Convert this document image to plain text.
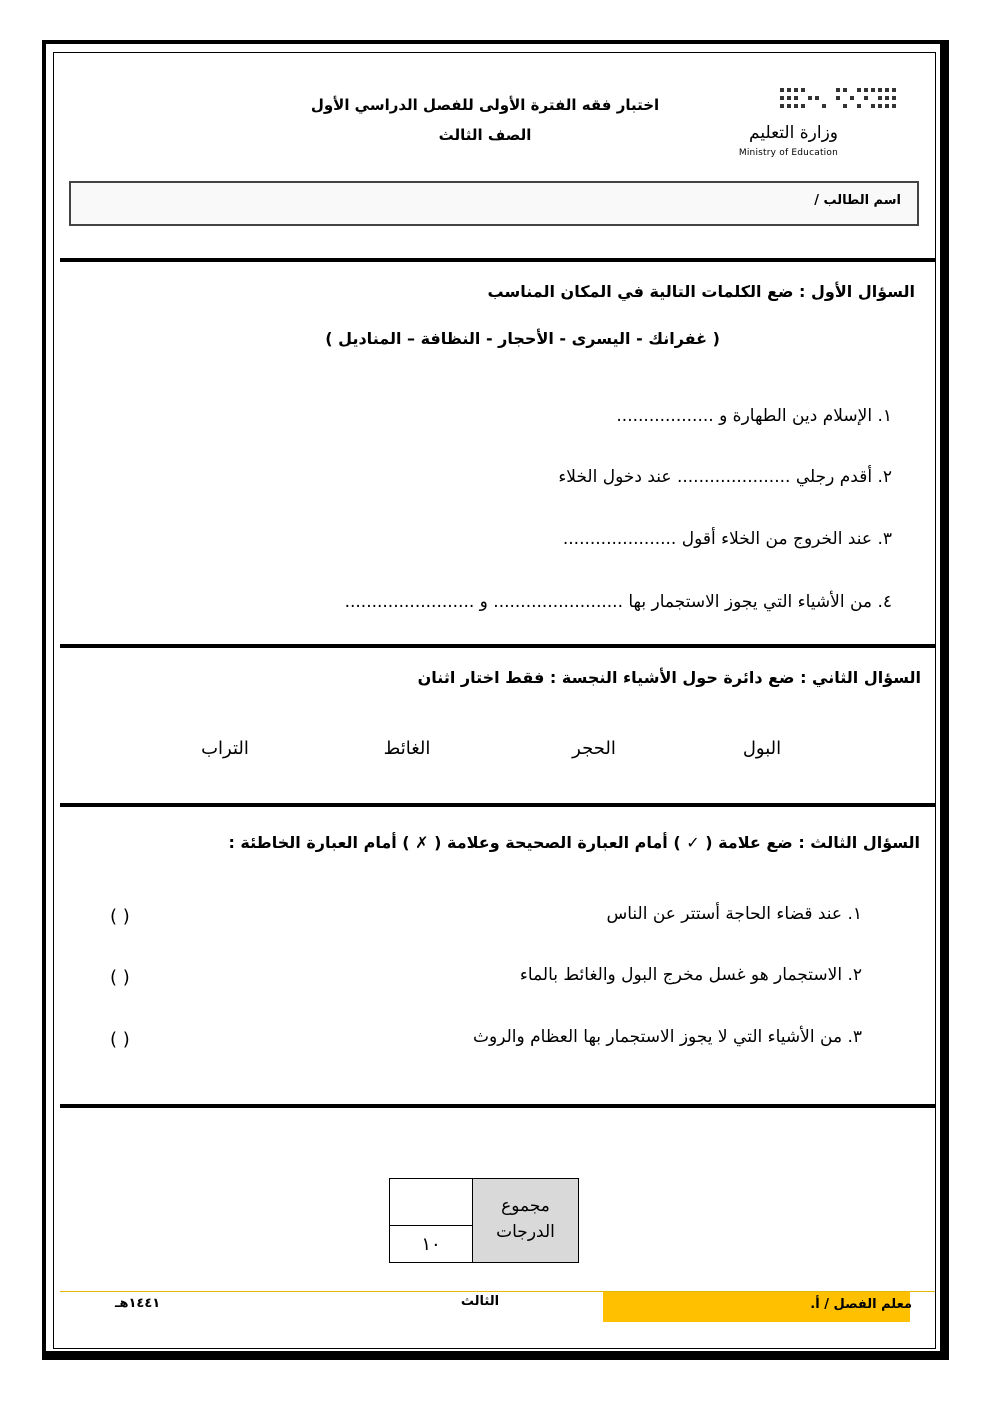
اختبار فقه الفترة الأولى للفصل الدراسي الأول
الصف الثالث	وزارة التعليم
Ministry of Education
اسم الطالب /
السؤال الأول : ضع الكلمات التالية في المكان المناسب
( غفرانك - اليسرى - الأحجار - النظافة – المناديل )
١. الإسلام دين الطهارة و ..................
٢. أقدم رجلي ..................... عند دخول الخلاء
٣. عند الخروج من الخلاء أقول .....................
٤. من الأشياء التي يجوز الاستجمار بها ........................ و ........................
السؤال الثاني : ضع دائرة حول الأشياء النجسة : فقط اختار اثنان
البول
الحجر
الغائط
التراب
السؤال الثالث : ضع علامة ( ✓ ) أمام العبارة الصحيحة وعلامة ( ✗ ) أمام العبارة الخاطئة :
١. عند قضاء الحاجة أستتر عن الناس
٢. الاستجمار هو غسل مخرج البول والغائط بالماء
٣. من الأشياء التي لا يجوز الاستجمار بها العظام والروث
( )
( )
( )
١٠
مجموع
الدرجات
معلم الفصل / أ.
الثالث
١٤٤١هـ
